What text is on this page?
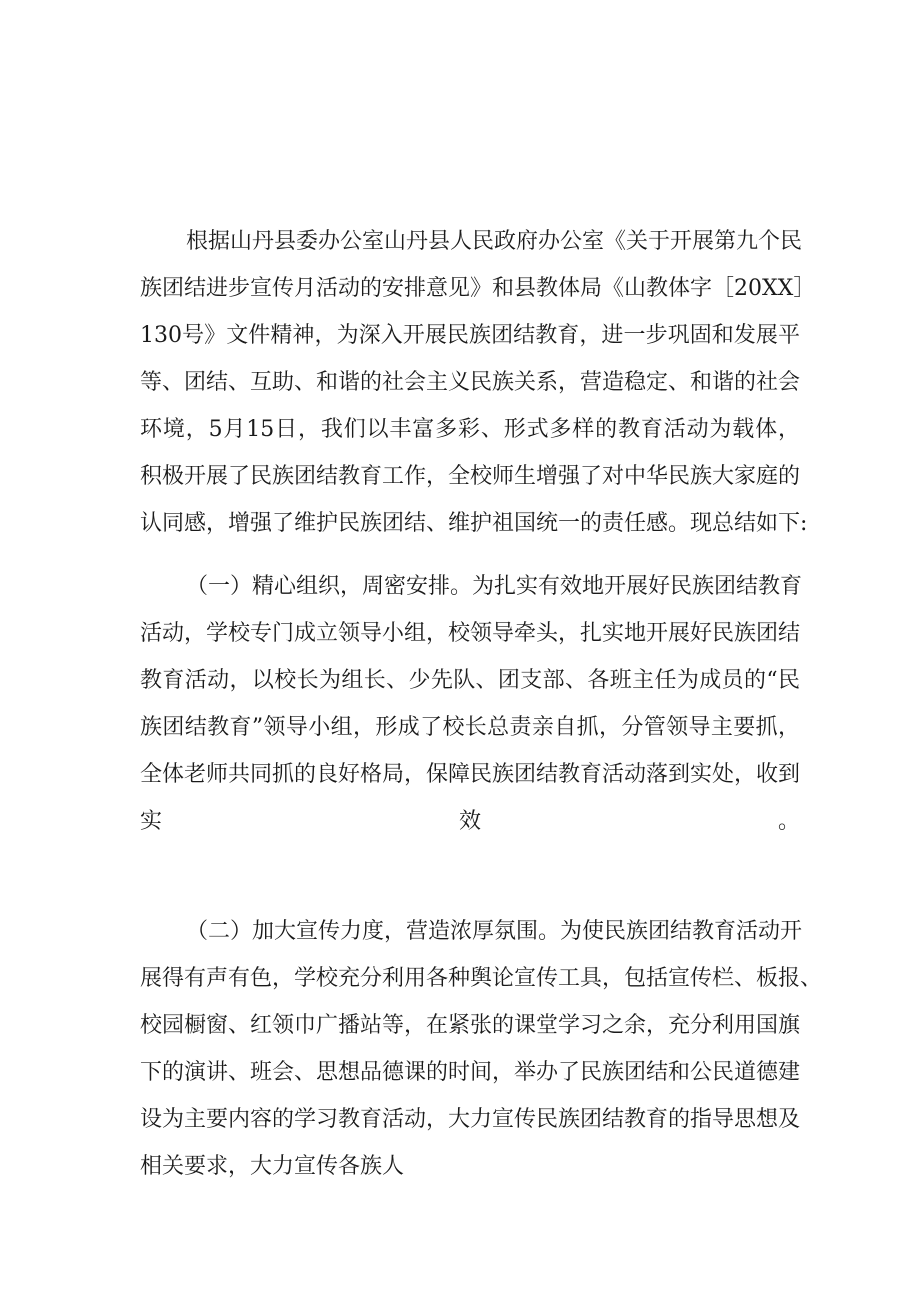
根据山丹县委办公室山丹县人民政府办公室《关于开展第九个民
族团结进步宣传月活动的安排意见》和县教体局《山教体字［20XX］
130号》文件精神，为深入开展民族团结教育，进一步巩固和发展平
等、团结、互助、和谐的社会主义民族关系，营造稳定、和谐的社会
环境，5月15日，我们以丰富多彩、形式多样的教育活动为载体，
积极开展了民族团结教育工作，全校师生增强了对中华民族大家庭的
认同感，增强了维护民族团结、维护祖国统一的责任感。现总结如下:
（一）精心组织，周密安排。为扎实有效地开展好民族团结教育
活动，学校专门成立领导小组，校领导牵头，扎实地开展好民族团结
教育活动，以校长为组长、少先队、团支部、各班主任为成员的“民
族团结教育”领导小组，形成了校长总责亲自抓，分管领导主要抓，
全体老师共同抓的良好格局，保障民族团结教育活动落到实处，收到
实效。
（二）加大宣传力度，营造浓厚氛围。为使民族团结教育活动开
展得有声有色，学校充分利用各种舆论宣传工具，包括宣传栏、板报、
校园橱窗、红领巾广播站等，在紧张的课堂学习之余，充分利用国旗
下的演讲、班会、思想品德课的时间，举办了民族团结和公民道德建
设为主要内容的学习教育活动，大力宣传民族团结教育的指导思想及
相关要求，大力宣传各族人
